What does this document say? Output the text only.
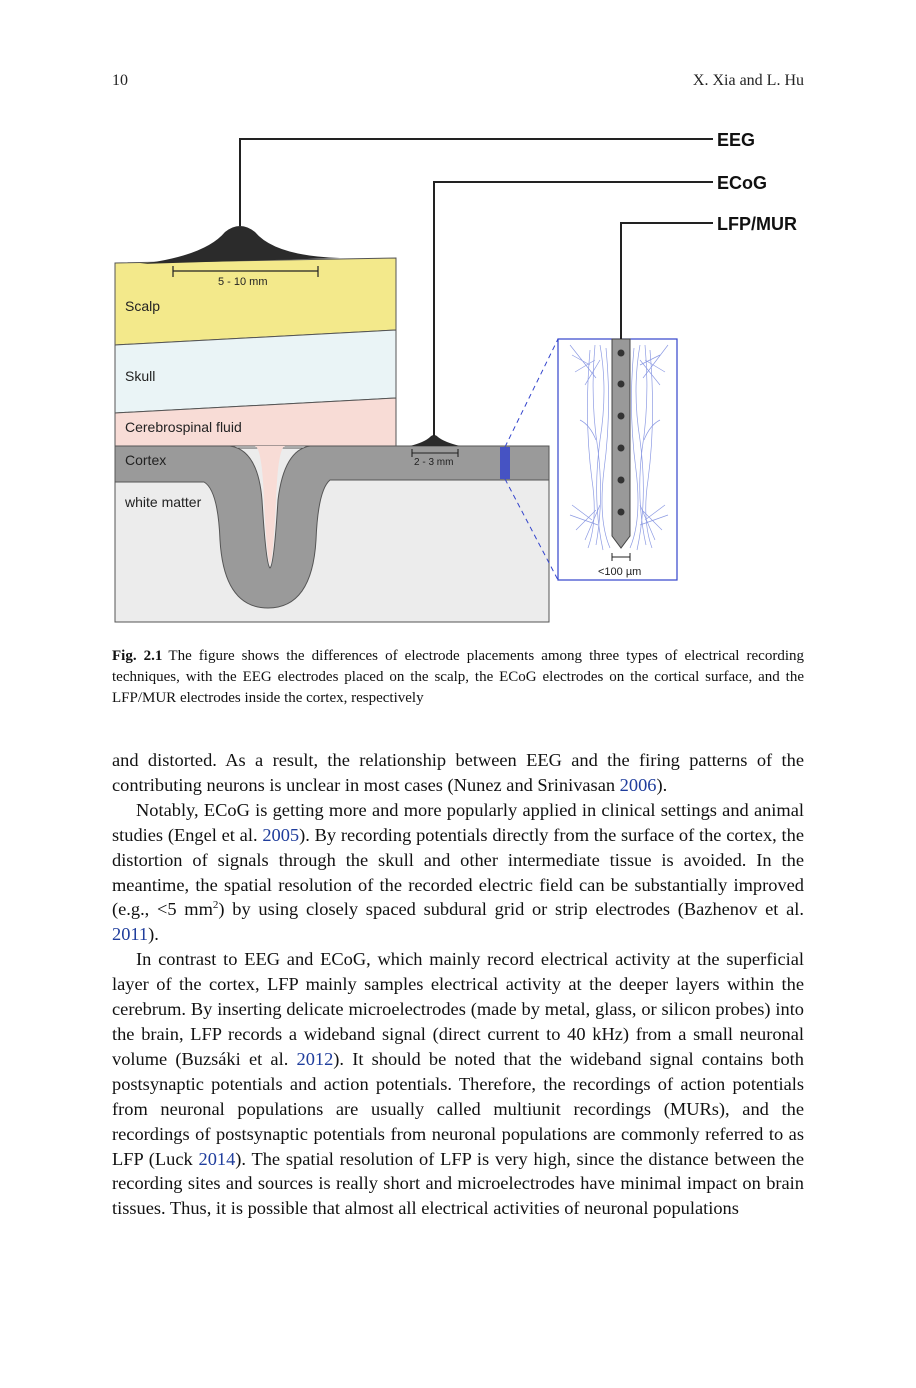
10	X. Xia and L. Hu
EEG
5 - 10 mm
ECoG
2 - 3 mm
Scalp
Skull
Cerebrospinal fluid
Cortex
white matter
LFP/MUR
<100 µm
Fig. 2.1 The figure shows the differences of electrode placements among three types of electrical recording techniques, with the EEG electrodes placed on the scalp, the ECoG electrodes on the cortical surface, and the LFP/MUR electrodes inside the cortex, respectively

and distorted. As a result, the relationship between EEG and the firing patterns of the contributing neurons is unclear in most cases (Nunez and Srinivasan 2006).

Notably, ECoG is getting more and more popularly applied in clinical settings and animal studies (Engel et al. 2005). By recording potentials directly from the surface of the cortex, the distortion of signals through the skull and other intermediate tissue is avoided. In the meantime, the spatial resolution of the recorded electric field can be substantially improved (e.g., <5 $mm^2$) by using closely spaced subdural grid or strip electrodes (Bazhenov et al. 2011).

In contrast to EEG and ECoG, which mainly record electrical activity at the superficial layer of the cortex, LFP mainly samples electrical activity at the deeper layers within the cerebrum. By inserting delicate microelectrodes (made by metal, glass, or silicon probes) into the brain, LFP records a wideband signal (direct current to 40 kHz) from a small neuronal volume (Buzsáki et al. 2012). It should be noted that the wideband signal contains both postsynaptic potentials and action potentials. Therefore, the recordings of action potentials from neuronal populations are usually called multiunit recordings (MURs), and the recordings of postsynaptic potentials from neuronal populations are commonly referred to as LFP (Luck 2014). The spatial resolution of LFP is very high, since the distance between the recording sites and sources is really short and microelectrodes have minimal impact on brain tissues. Thus, it is possible that almost all electrical activities of neuronal populations
